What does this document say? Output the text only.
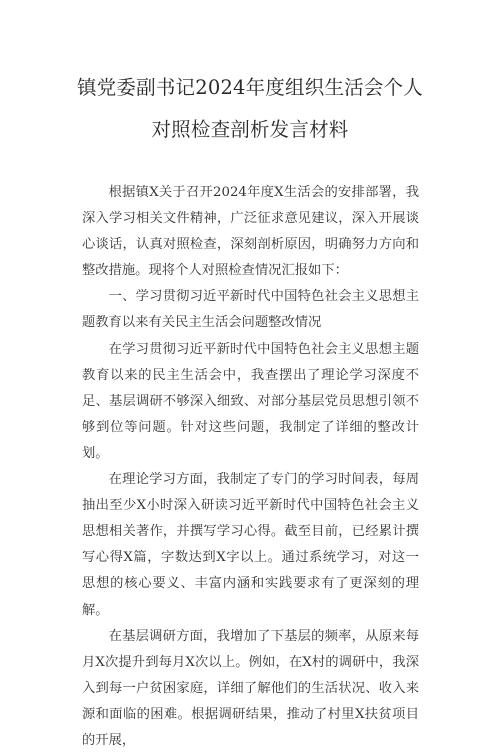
镇党委副书记2024年度组织生活会个人
对照检查剖析发言材料

根据镇X关于召开2024年度X生活会的安排部署，我深入学习相关文件精神，广泛征求意见建议，深入开展谈心谈话，认真对照检查，深刻剖析原因，明确努力方向和整改措施。现将个人对照检查情况汇报如下：

一、学习贯彻习近平新时代中国特色社会主义思想主题教育以来有关民主生活会问题整改情况

在学习贯彻习近平新时代中国特色社会主义思想主题教育以来的民主生活会中，我查摆出了理论学习深度不足、基层调研不够深入细致、对部分基层党员思想引领不够到位等问题。针对这些问题，我制定了详细的整改计划。

在理论学习方面，我制定了专门的学习时间表，每周抽出至少X小时深入研读习近平新时代中国特色社会主义思想相关著作，并撰写学习心得。截至目前，已经累计撰写心得X篇，字数达到X字以上。通过系统学习，对这一思想的核心要义、丰富内涵和实践要求有了更深刻的理解。

在基层调研方面，我增加了下基层的频率，从原来每月X次提升到每月X次以上。例如，在X村的调研中，我深入到每一户贫困家庭，详细了解他们的生活状况、收入来源和面临的困难。根据调研结果，推动了村里X扶贫项目的开展，
